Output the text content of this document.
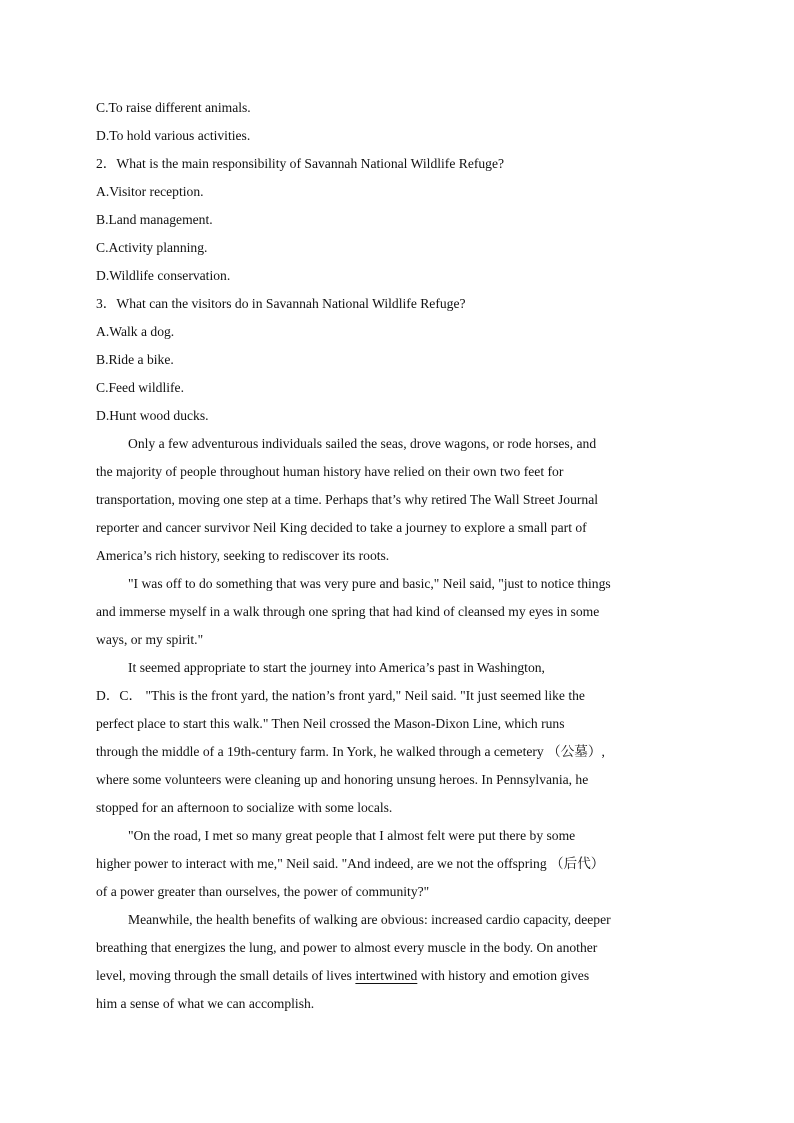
C.To raise different animals.
D.To hold various activities.
2．What is the main responsibility of Savannah National Wildlife Refuge?
A.Visitor reception.
B.Land management.
C.Activity planning.
D.Wildlife conservation.
3．What can the visitors do in Savannah National Wildlife Refuge?
A.Walk a dog.
B.Ride a bike.
C.Feed wildlife.
D.Hunt wood ducks.
Only a few adventurous individuals sailed the seas, drove wagons, or rode horses, and
the majority of people throughout human history have relied on their own two feet for
transportation, moving one step at a time. Perhaps that’s why retired The Wall Street Journal
reporter and cancer survivor Neil King decided to take a journey to explore a small part of
America’s rich history, seeking to rediscover its roots.
"I was off to do something that was very pure and basic," Neil said, "just to notice things
and immerse myself in a walk through one spring that had kind of cleansed my eyes in some
ways, or my spirit."
It seemed appropriate to start the journey into America’s past in Washington,
D．C． "This is the front yard, the nation’s front yard," Neil said. "It just seemed like the
perfect place to start this walk." Then Neil crossed the Mason-Dixon Line, which runs
through the middle of a 19th-century farm. In York, he walked through a cemetery （公墓）,
where some volunteers were cleaning up and honoring unsung heroes. In Pennsylvania, he
stopped for an afternoon to socialize with some locals.
"On the road, I met so many great people that I almost felt were put there by some
higher power to interact with me," Neil said. "And indeed, are we not the offspring （后代）
of a power greater than ourselves, the power of community?"
Meanwhile, the health benefits of walking are obvious: increased cardio capacity, deeper
breathing that energizes the lung, and power to almost every muscle in the body. On another
level, moving through the small details of lives intertwined with history and emotion gives
him a sense of what we can accomplish.
